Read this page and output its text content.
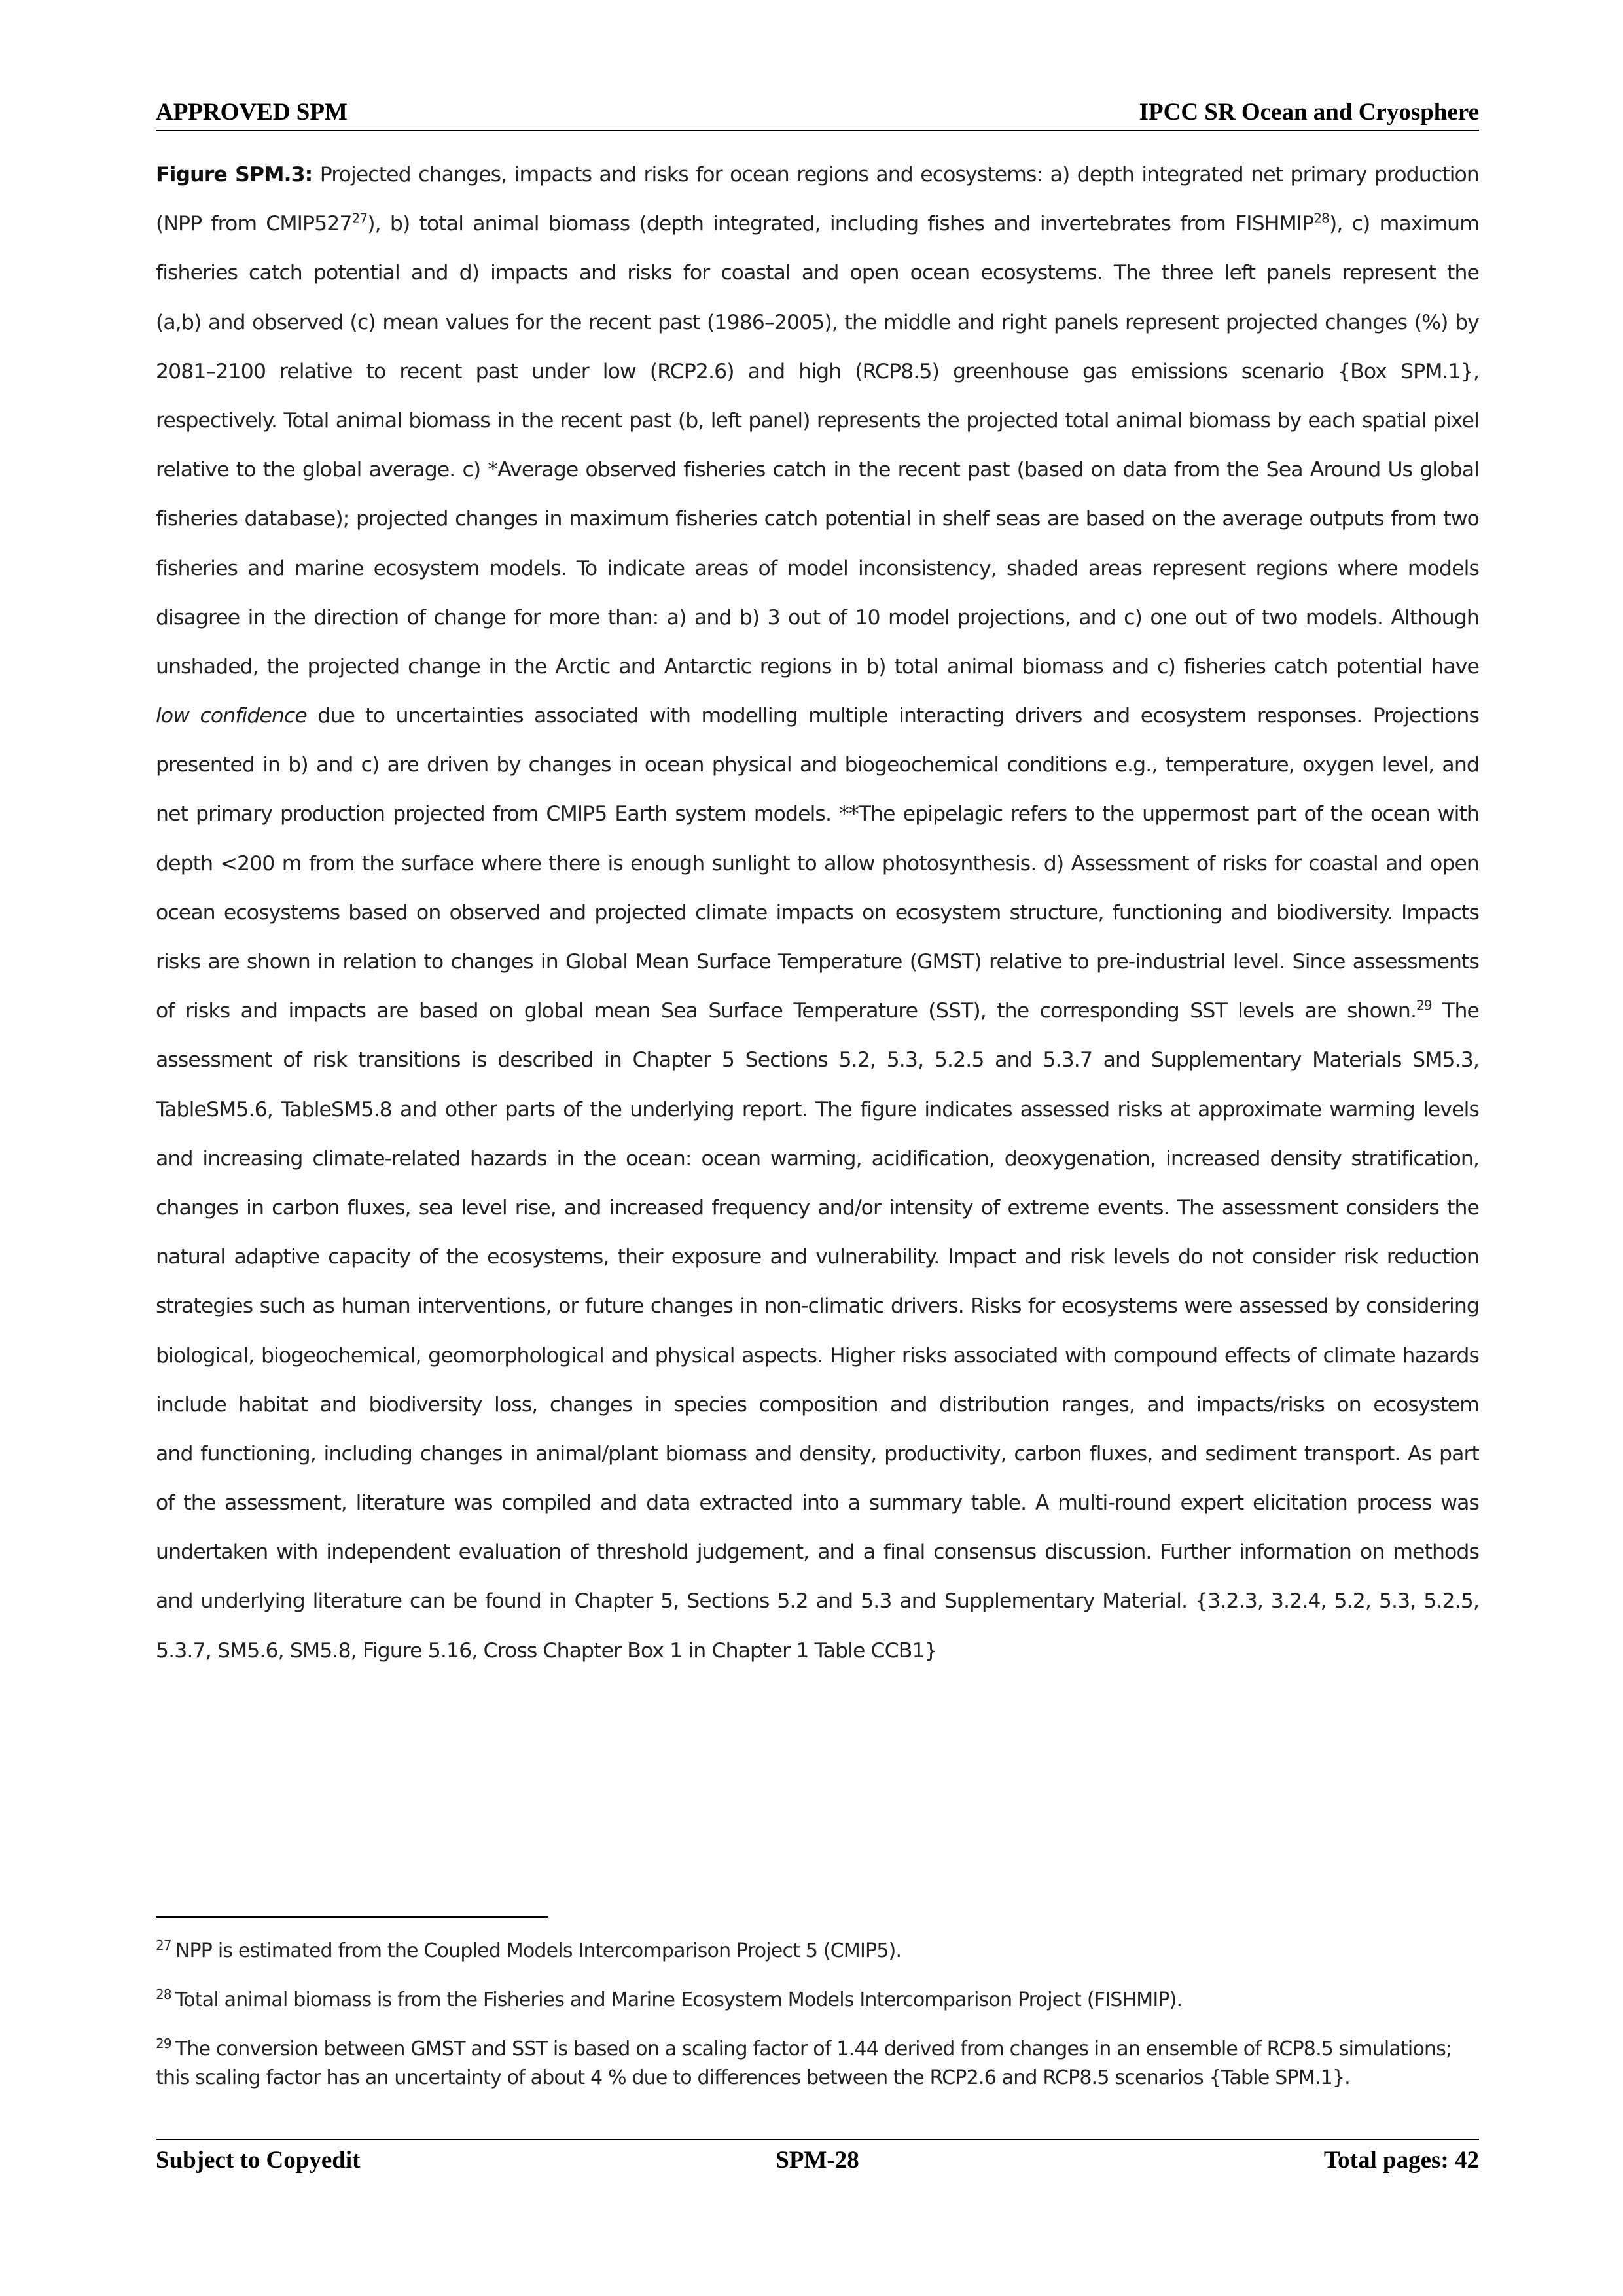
APPROVED SPM	IPCC SR Ocean and Cryosphere
Figure SPM.3: Projected changes, impacts and risks for ocean regions and ecosystems: a) depth integrated net primary production
(NPP from $CMIP527^{27}$), b) total animal biomass (depth integrated, including fishes and invertebrates from FISHMIP$^{28}$), c) maximum
fisheries catch potential and d) impacts and risks for coastal and open ocean ecosystems. The three left panels represent the
(a,b) and observed (c) mean values for the recent past (1986–2005), the middle and right panels represent projected changes (%) by
2081–2100 relative to recent past under low (RCP2.6) and high (RCP8.5) greenhouse gas emissions scenario {Box SPM.1},
respectively. Total animal biomass in the recent past (b, left panel) represents the projected total animal biomass by each spatial pixel
relative to the global average. c) *Average observed fisheries catch in the recent past (based on data from the Sea Around Us global
fisheries database); projected changes in maximum fisheries catch potential in shelf seas are based on the average outputs from two
fisheries and marine ecosystem models. To indicate areas of model inconsistency, shaded areas represent regions where models
disagree in the direction of change for more than: a) and b) 3 out of 10 model projections, and c) one out of two models. Although
unshaded, the projected change in the Arctic and Antarctic regions in b) total animal biomass and c) fisheries catch potential have
low confidence due to uncertainties associated with modelling multiple interacting drivers and ecosystem responses. Projections
presented in b) and c) are driven by changes in ocean physical and biogeochemical conditions e.g., temperature, oxygen level, and
net primary production projected from CMIP5 Earth system models. **The epipelagic refers to the uppermost part of the ocean with
depth <200 m from the surface where there is enough sunlight to allow photosynthesis. d) Assessment of risks for coastal and open
ocean ecosystems based on observed and projected climate impacts on ecosystem structure, functioning and biodiversity. Impacts
risks are shown in relation to changes in Global Mean Surface Temperature (GMST) relative to pre-industrial level. Since assessments
of risks and impacts are based on global mean Sea Surface Temperature (SST), the corresponding SST levels are shown.$^{29}$ The
assessment of risk transitions is described in Chapter 5 Sections 5.2, 5.3, 5.2.5 and 5.3.7 and Supplementary Materials SM5.3,
TableSM5.6, TableSM5.8 and other parts of the underlying report. The figure indicates assessed risks at approximate warming levels
and increasing climate-related hazards in the ocean: ocean warming, acidification, deoxygenation, increased density stratification,
changes in carbon fluxes, sea level rise, and increased frequency and/or intensity of extreme events. The assessment considers the
natural adaptive capacity of the ecosystems, their exposure and vulnerability. Impact and risk levels do not consider risk reduction
strategies such as human interventions, or future changes in non-climatic drivers. Risks for ecosystems were assessed by considering
biological, biogeochemical, geomorphological and physical aspects. Higher risks associated with compound effects of climate hazards
include habitat and biodiversity loss, changes in species composition and distribution ranges, and impacts/risks on ecosystem
and functioning, including changes in animal/plant biomass and density, productivity, carbon fluxes, and sediment transport. As part
of the assessment, literature was compiled and data extracted into a summary table. A multi-round expert elicitation process was
undertaken with independent evaluation of threshold judgement, and a final consensus discussion. Further information on methods
and underlying literature can be found in Chapter 5, Sections 5.2 and 5.3 and Supplementary Material. {3.2.3, 3.2.4, 5.2, 5.3, 5.2.5,
5.3.7, SM5.6, SM5.8, Figure 5.16, Cross Chapter Box 1 in Chapter 1 Table CCB1}
$^{27}$ NPP is estimated from the Coupled Models Intercomparison Project 5 (CMIP5).
$^{28}$ Total animal biomass is from the Fisheries and Marine Ecosystem Models Intercomparison Project (FISHMIP).
$^{29}$ The conversion between GMST and SST is based on a scaling factor of 1.44 derived from changes in an ensemble of RCP8.5 simulations; this scaling factor has an uncertainty of about 4 % due to differences between the RCP2.6 and RCP8.5 scenarios {Table SPM.1}.
Subject to Copyedit	SPM-28	Total pages: 42
